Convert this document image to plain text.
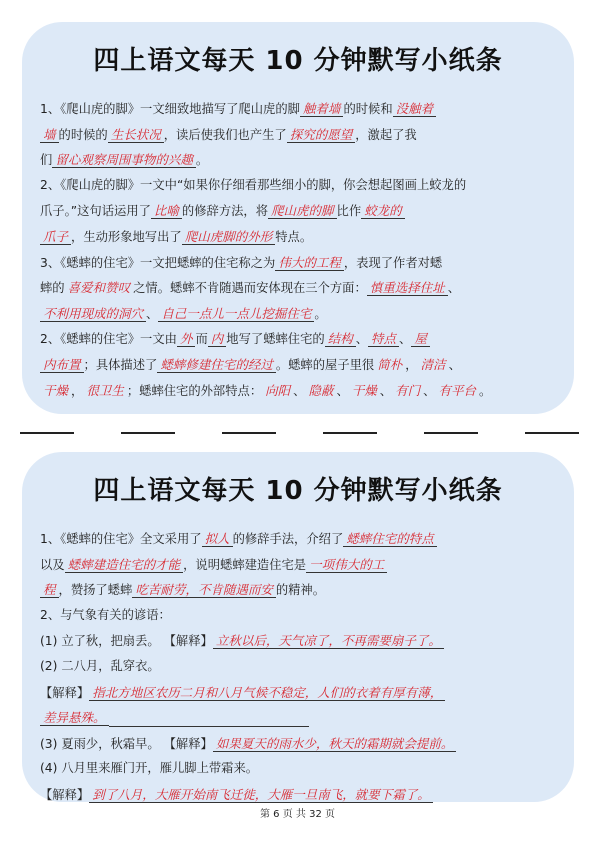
四上语文每天 10 分钟默写小纸条
1、《爬山虎的脚》一文细致地描写了爬山虎的脚 触着墙 的时候和 没触着
墙 的时候的 生长状况 ，读后使我们也产生了 探究的愿望 ，激起了我
们 留心观察周围事物的兴趣 。
2、《爬山虎的脚》一文中“如果你仔细看那些细小的脚，你会想起图画上蛟龙的
爪子。”这句话运用了 比喻 的修辞方法，将 爬山虎的脚 比作 蛟龙的
爪子 ，生动形象地写出了 爬山虎脚的外形 特点。
3、《蟋蟀的住宅》一文把蟋蟀的住宅称之为 伟大的工程 ，表现了作者对蟋
蟀的 喜爱和赞叹 之情。蟋蟀不肯随遇而安体现在三个方面： 慎重选择住址 、
不利用现成的洞穴 、 自己一点儿一点儿挖掘住宅 。
2、《蟋蟀的住宅》一文由 外 而 内 地写了蟋蟀住宅的 结构 、 特点 、 屋
内布置 ；具体描述了 蟋蟀修建住宅的经过 。蟋蟀的屋子里很 简朴 ， 清洁 、
干燥 ， 很卫生 ；蟋蟀住宅的外部特点： 向阳 、 隐蔽 、 干燥 、 有门 、 有平台 。
四上语文每天 10 分钟默写小纸条
1、《蟋蟀的住宅》全文采用了 拟人 的修辞手法，介绍了 蟋蟀住宅的特点
以及 蟋蟀建造住宅的才能 ，说明蟋蟀建造住宅是 一项伟大的工
程 ，赞扬了蟋蟀 吃苦耐劳，不肯随遇而安 的精神。
2、与气象有关的谚语：
(1) 立了秋，把扇丢。 【解释】 立秋以后，天气凉了，不再需要扇子了。
(2) 二八月，乱穿衣。
【解释】 指北方地区农历二月和八月气候不稳定，人们的衣着有厚有薄，
差异悬殊。
(3) 夏雨少，秋霜早。 【解释】 如果夏天的雨水少，秋天的霜期就会提前。
(4) 八月里来雁门开，雁儿脚上带霜来。
【解释】 到了八月，大雁开始南飞迁徙，大雁一旦南飞，就要下霜了。
第 6 页 共 32 页
